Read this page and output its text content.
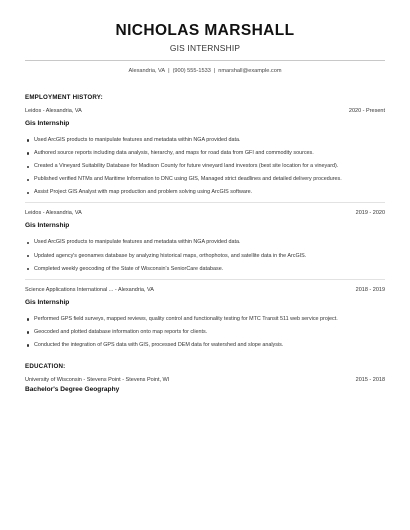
NICHOLAS MARSHALL
GIS INTERNSHIP
Alexandria, VA | (900) 555-1533 | nmarshall@example.com
EMPLOYMENT HISTORY:
Leidos - Alexandria, VA	2020 - Present
Gis Internship
Used ArcGIS products to manipulate features and metadata within NGA provided data.
Authored source reports including data analysis, hierarchy, and maps for road data from GFI and commodity sources.
Created a Vineyard Suitability Database for Madison County for future vineyard land investors (best site location for a vineyard).
Published verified NTMs and Maritime Information to DNC using GIS, Managed strict deadlines and detailed delivery procedures.
Assist Project GIS Analyst with map production and problem solving using ArcGIS software.
Leidos - Alexandria, VA	2019 - 2020
Gis Internship
Used ArcGIS products to manipulate features and metadata within NGA provided data.
Updated agency's geonames database by analyzing historical maps, orthophotos, and satellite data in the ArcGIS.
Completed weekly geocoding of the State of Wisconsin's SeniorCare database.
Science Applications International ... - Alexandria, VA	2018 - 2019
Gis Internship
Performed GPS field surveys, mapped reviews, quality control and functionality testing for MTC Transit 511 web service project.
Geocoded and plotted database information onto map reports for clients.
Conducted the integration of GPS data with GIS, processed DEM data for watershed and slope analysis.
EDUCATION:
University of Wisconsin - Stevens Point - Stevens Point, WI	2015 - 2018
Bachelor's Degree Geography
